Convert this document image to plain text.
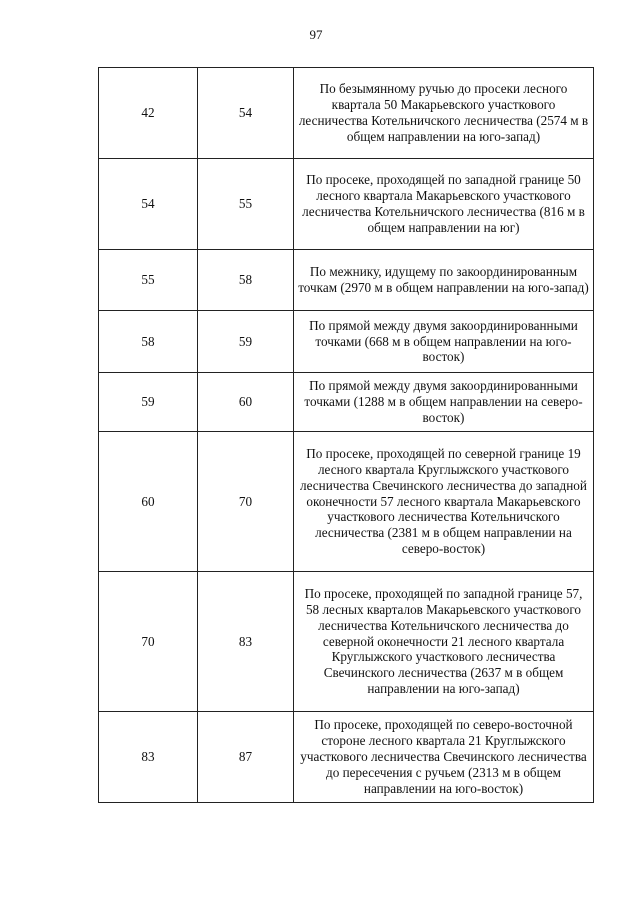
97
42	54	По безымянному ручью до просеки лесного квартала 50 Макарьевского участкового лесничества Котельничского лесничества (2574 м в общем направлении на юго-запад)
54	55	По просеке, проходящей по западной границе 50 лесного квартала Макарьевского участкового лесничества Котельничского лесничества (816 м в общем направлении на юг)
55	58	По межнику, идущему по закоординированным точкам (2970 м в общем направлении на юго-запад)
58	59	По прямой между двумя закоординированными точками (668 м в общем направлении на юго-восток)
59	60	По прямой между двумя закоординированными точками (1288 м в общем направлении на северо-восток)
60	70	По просеке, проходящей по северной границе 19 лесного квартала Круглыжского участкового лесничества Свечинского лесничества до западной оконечности 57 лесного квартала Макарьевского участкового лесничества Котельничского лесничества (2381 м в общем направлении на северо-восток)
70	83	По просеке, проходящей по западной границе 57, 58 лесных кварталов Макарьевского участкового лесничества Котельничского лесничества до северной оконечности 21 лесного квартала Круглыжского участкового лесничества Свечинского лесничества (2637 м в общем направлении на юго-запад)
83	87	По просеке, проходящей по северо-восточной стороне лесного квартала 21 Круглыжского участкового лесничества Свечинского лесничества до пересечения с ручьем (2313 м в общем направлении на юго-восток)
